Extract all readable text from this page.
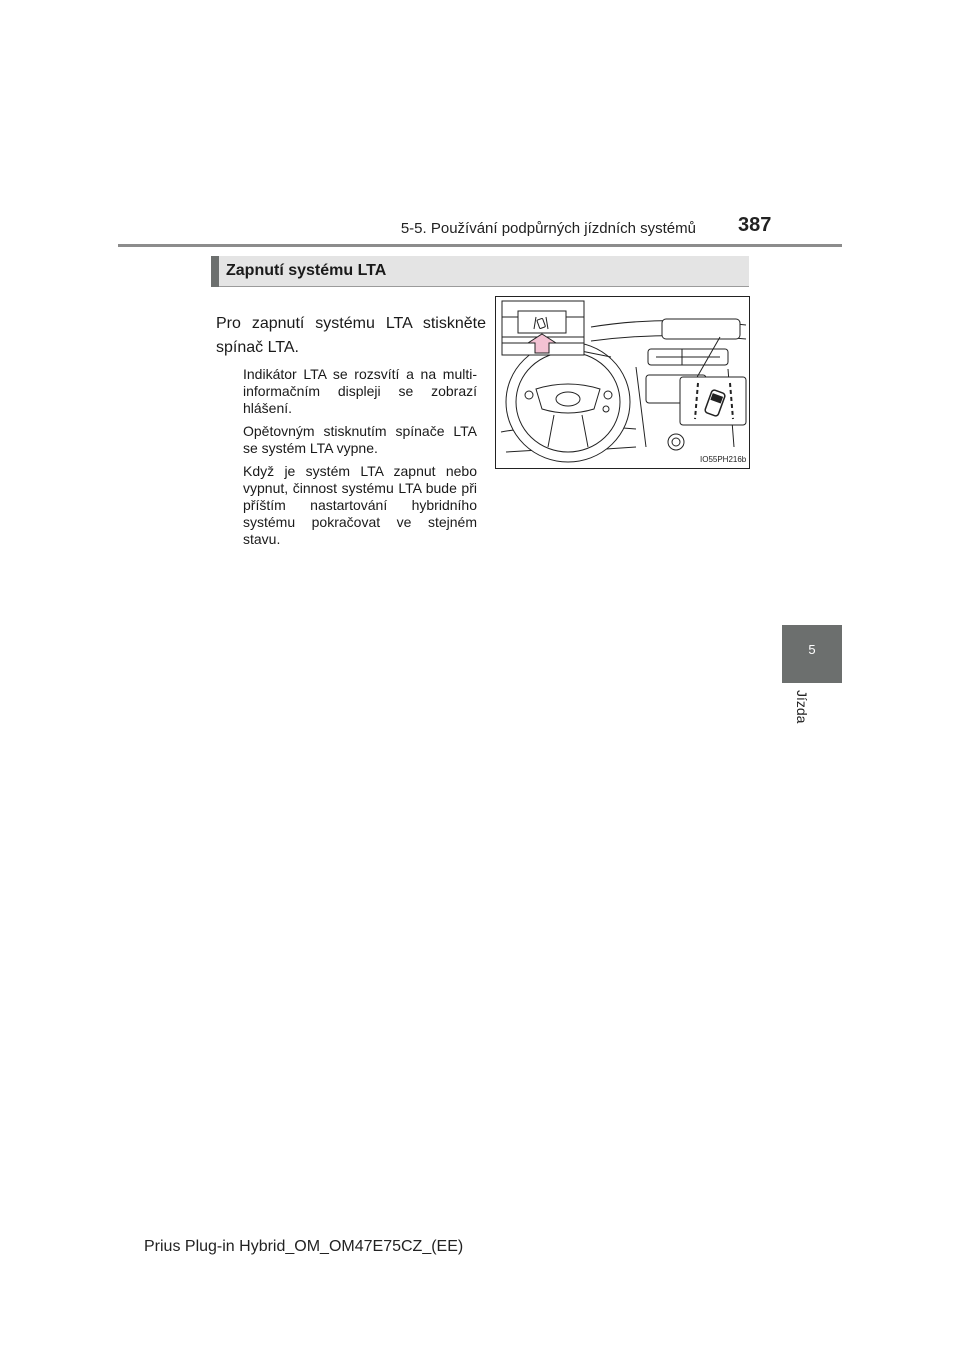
5-5. Používání podpůrných jízdních systémů 387
5
Jízda
Zapnutí systému LTA
Pro zapnutí systému LTA stiskněte spínač LTA.
Indikátor LTA se rozsvítí a na multi-informačním displeji se zobrazí hlášení.
Opětovným stisknutím spínače LTA se systém LTA vypne.
Když je systém LTA zapnut nebo vypnut, činnost systému LTA bude při příštím nastartování hybridního systému pokračovat ve stejném stavu.
IO55PH216b
Prius Plug-in Hybrid_OM_OM47E75CZ_(EE)
